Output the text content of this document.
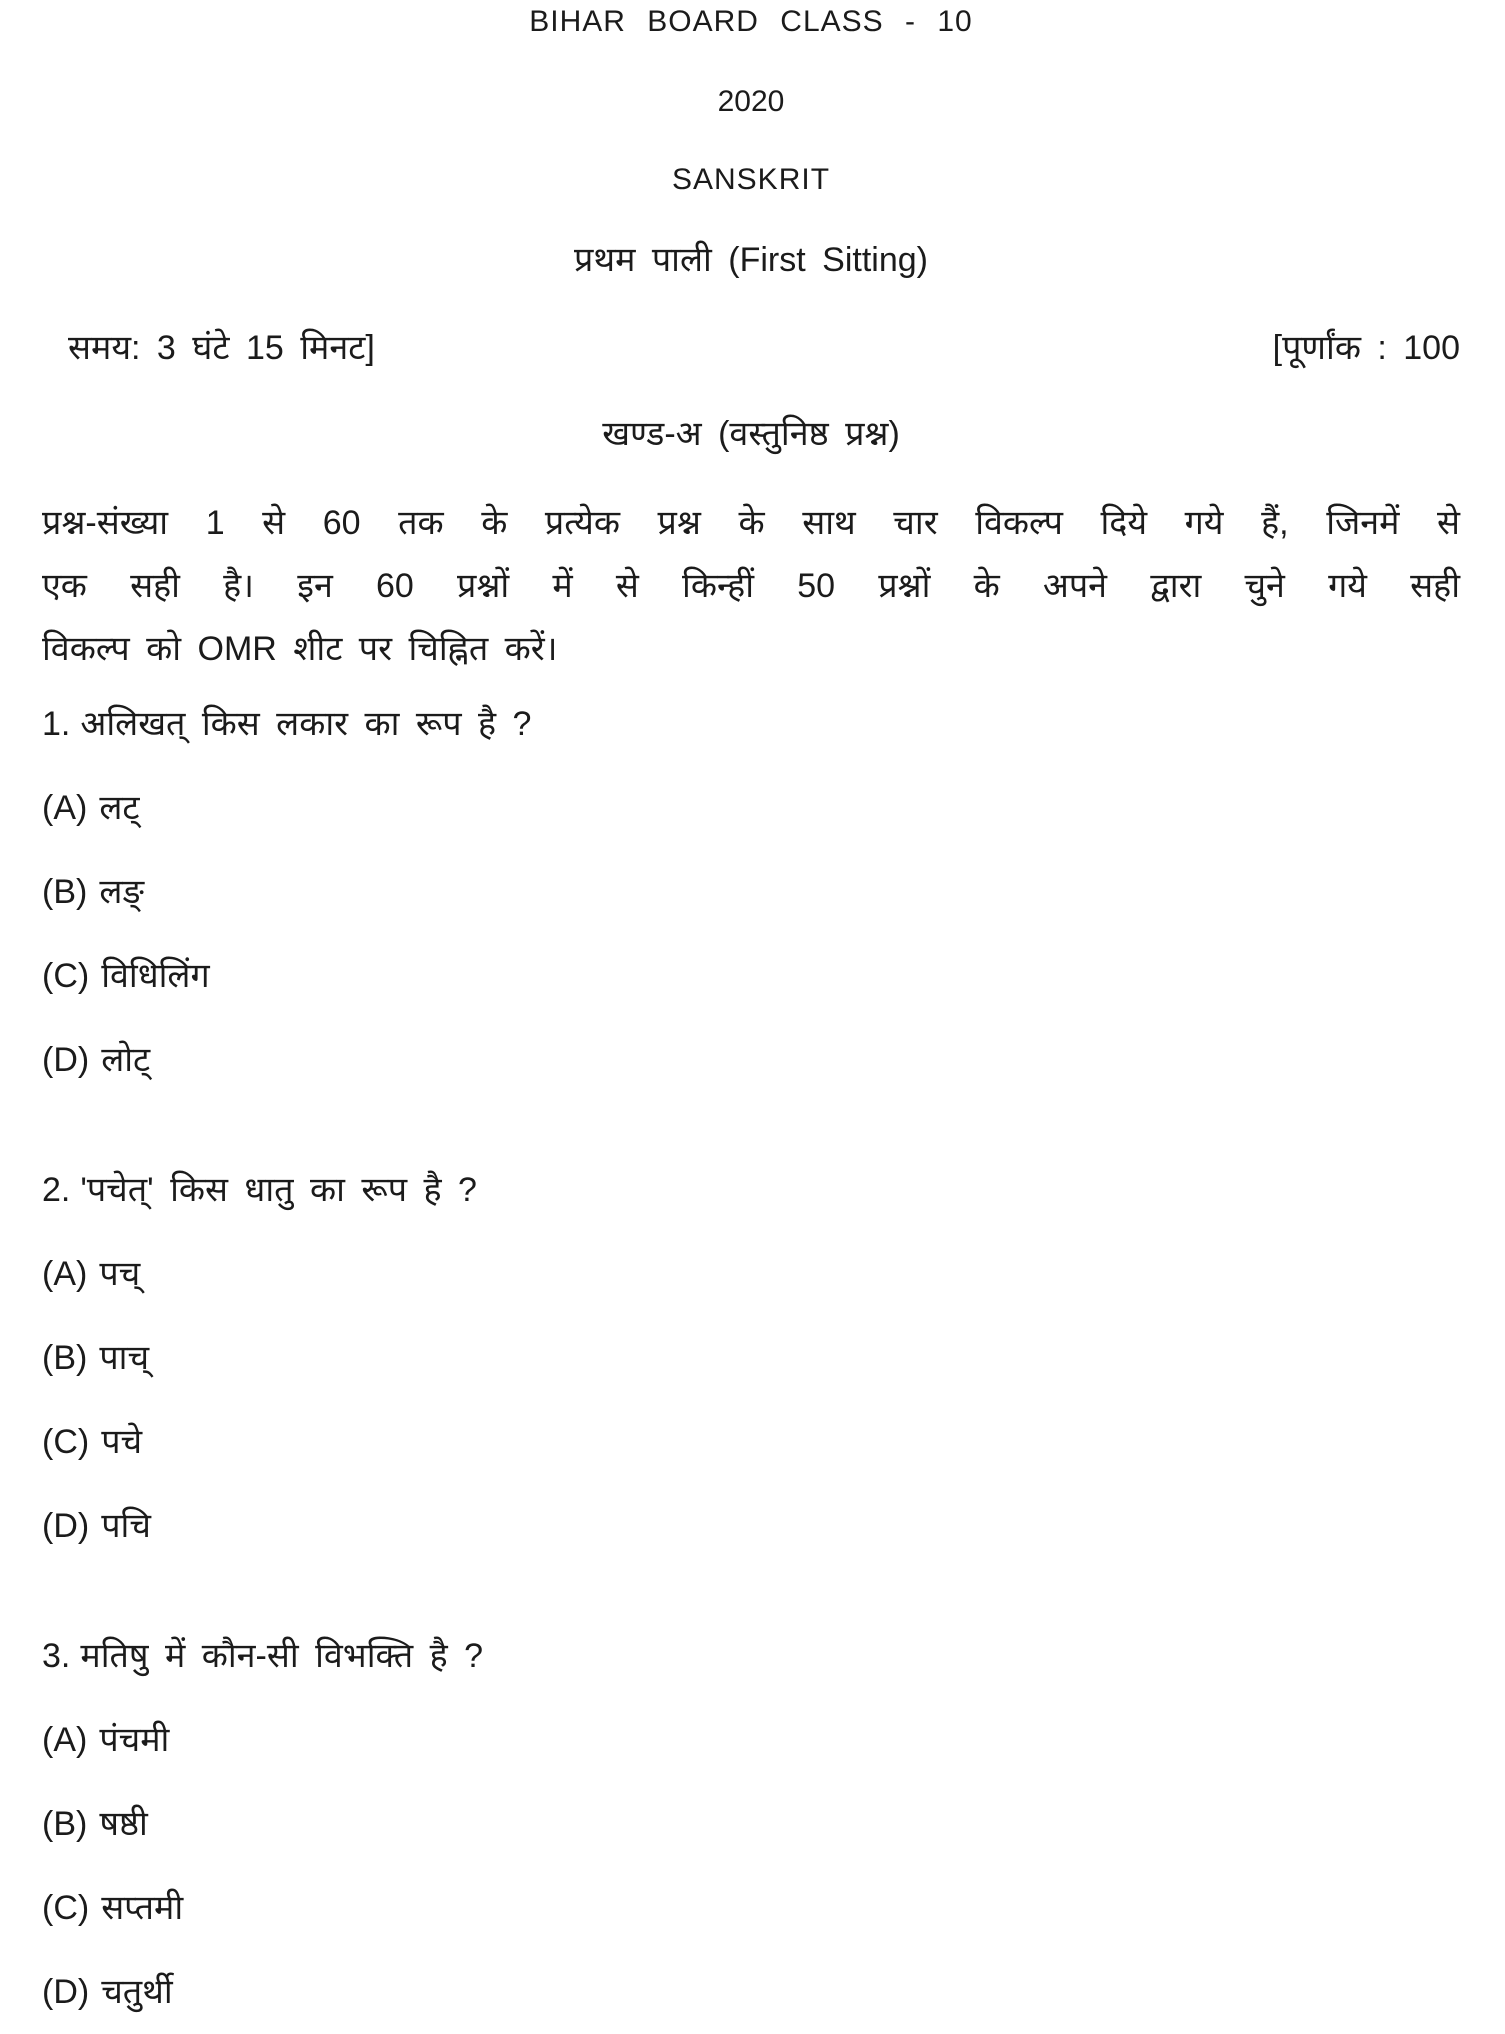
BIHAR BOARD CLASS - 10
2020
SANSKRIT
प्रथम पाली (First Sitting)
समय: 3 घंटे 15 मिनट]	[पूर्णांक : 100
खण्ड-अ (वस्तुनिष्ठ प्रश्न)
प्रश्न-संख्या 1 से 60 तक के प्रत्येक प्रश्न के साथ चार विकल्प दिये गये हैं, जिनमें से
एक सही है। इन 60 प्रश्नों में से किन्हीं 50 प्रश्नों के अपने द्वारा चुने गये सही
विकल्प को OMR शीट पर चिह्नित करें।
1. अलिखत् किस लकार का रूप है ?
(A) लट्
(B) लङ्
(C) विधिलिंग
(D) लोट्
2. 'पचेत्' किस धातु का रूप है ?
(A) पच्
(B) पाच्
(C) पचे
(D) पचि
3. मतिषु में कौन-सी विभक्ति है ?
(A) पंचमी
(B) षष्ठी
(C) सप्तमी
(D) चतुर्थी
